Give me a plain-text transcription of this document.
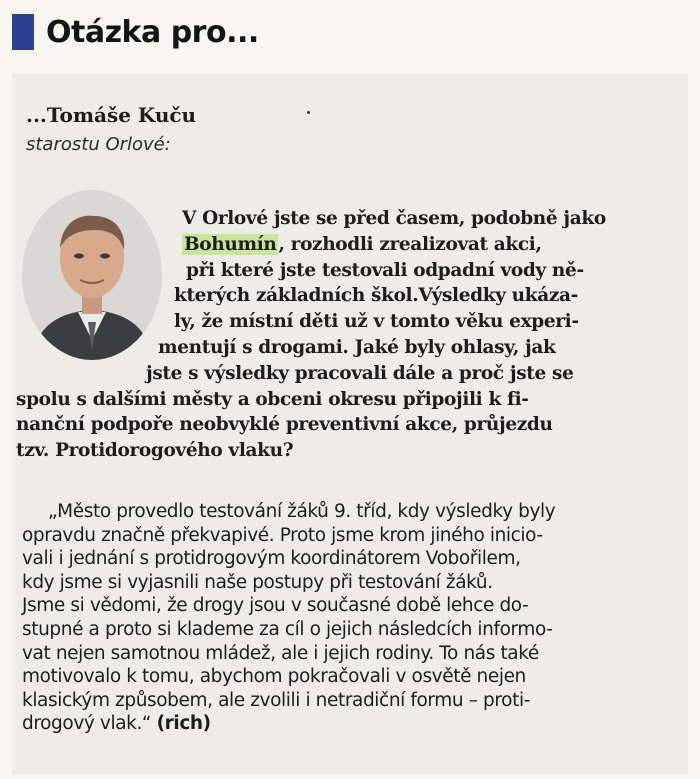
Otázka pro...
...Tomáše Kuču
starostu Orlové:
V Orlové jste se před časem, podobně jako
Bohumín , rozhodli zrealizovat akci,
při které jste testovali odpadní vody ně-
kterých základních škol.Výsledky ukáza-
ly, že místní děti už v tomto věku experi-
mentují s drogami. Jaké byly ohlasy, jak
jste s výsledky pracovali dále a proč jste se
spolu s dalšími městy a obceni okresu připojili k fi-
nanční podpoře neobvyklé preventivní akce, průjezdu
tzv. Protidorogového vlaku?
„Město provedlo testování žáků 9. tříd, kdy výsledky byly
opravdu značně překvapivé. Proto jsme krom jiného inicio-
vali i jednání s protidrogovým koordinátorem Vobořilem,
kdy jsme si vyjasnili naše postupy při testování žáků.
Jsme si vědomi, že drogy jsou v současné době lehce do-
stupné a proto si klademe za cíl o jejich následcích informo-
vat nejen samotnou mládež, ale i jejich rodiny. To nás také
motivovalo k tomu, abychom pokračovali v osvětě nejen
klasickým způsobem, ale zvolili i netradiční formu – proti-
drogový vlak.“ (rich)
